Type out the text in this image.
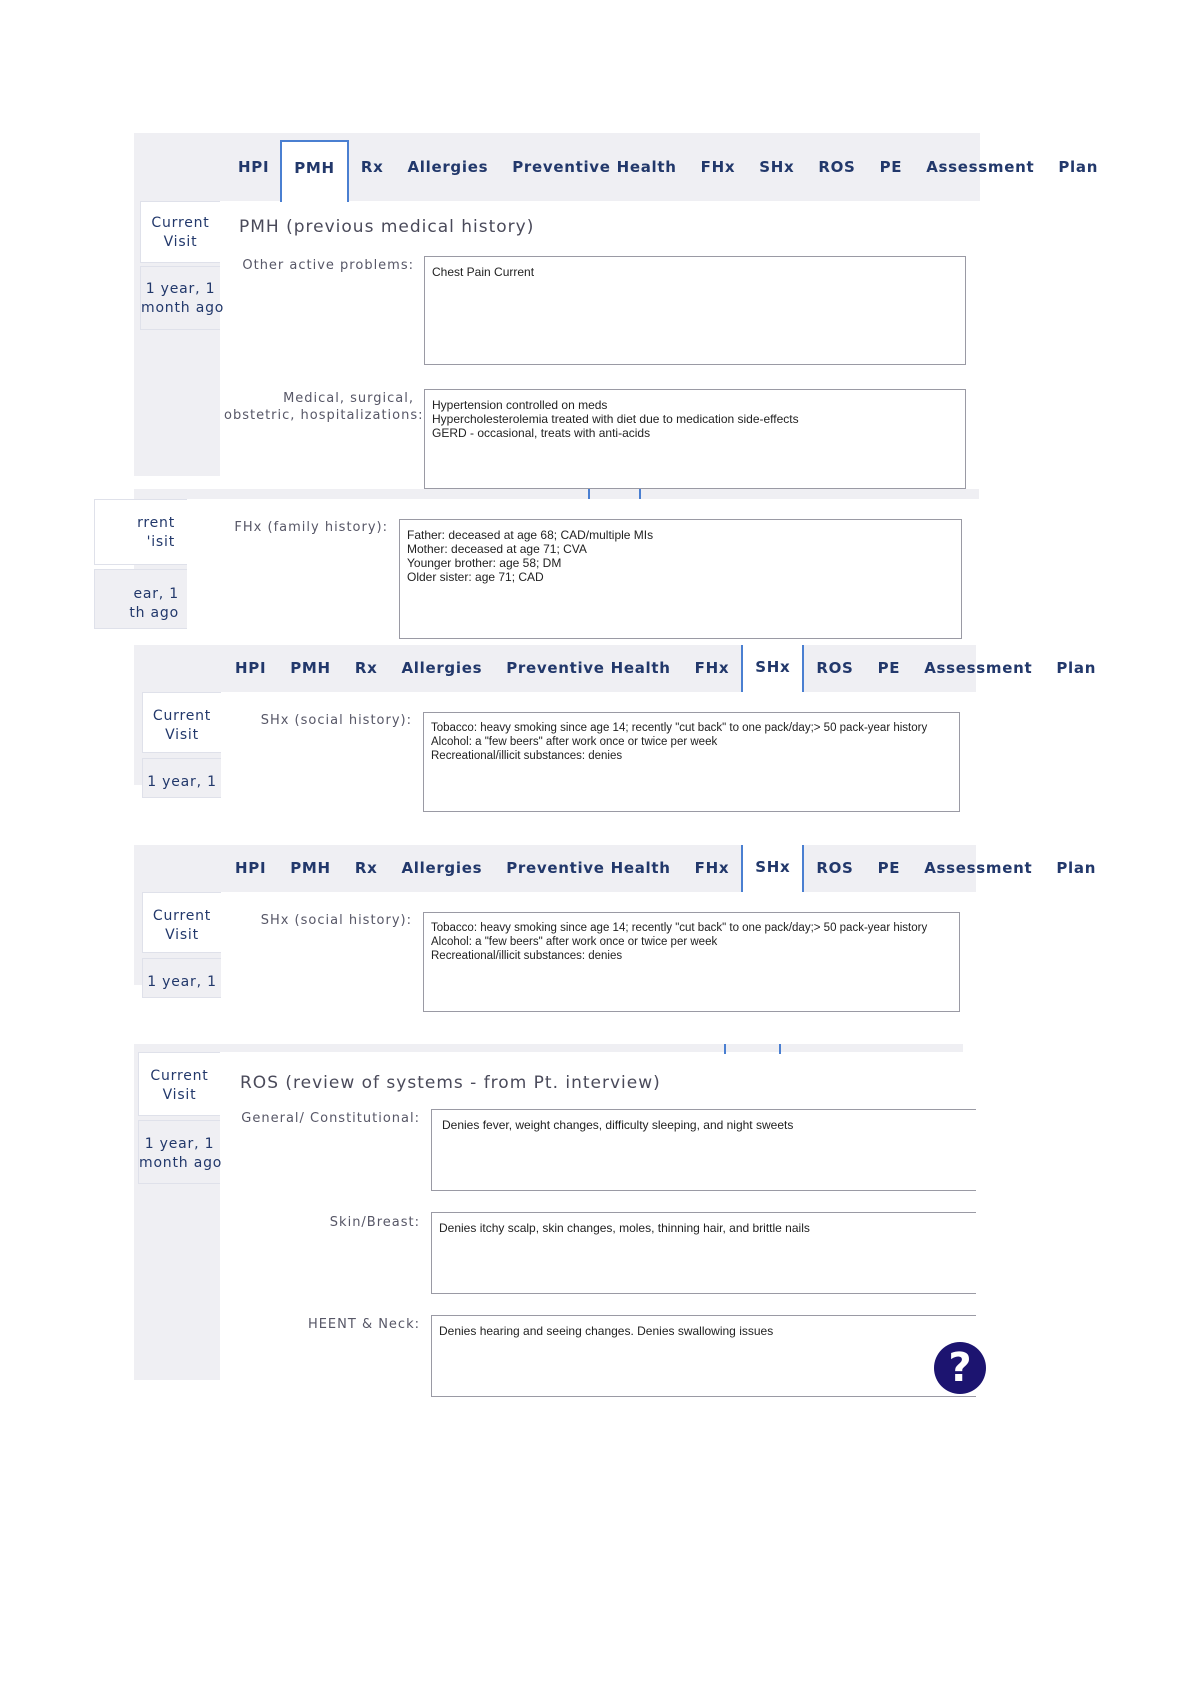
HPI	PMH	Rx	Allergies	Preventive Health	FHx	SHx	ROS	PE	Assessment	Plan
Current
Visit
1 year, 1
month ago
PMH (previous medical history)
Other active problems: Chest Pain Current
Medical, surgical,
obstetric, hospitalizations:
Hypertension controlled on meds
Hypercholesterolemia treated with diet due to medication side-effects
GERD - occasional, treats with anti-acids
rrent
'isit
ear, 1
th ago
FHx (family history): Father: deceased at age 68; CAD/multiple MIs
Mother: deceased at age 71; CVA
Younger brother: age 58; DM
Older sister: age 71; CAD
HPI	PMH	Rx	Allergies	Preventive Health	FHx	SHx	ROS	PE	Assessment	Plan
Current
Visit
1 year, 1
SHx (social history): Tobacco: heavy smoking since age 14; recently "cut back" to one pack/day;> 50 pack-year history
Alcohol: a "few beers" after work once or twice per week
Recreational/illicit substances: denies
HPI	PMH	Rx	Allergies	Preventive Health	FHx	SHx	ROS	PE	Assessment	Plan
Current
Visit
1 year, 1
SHx (social history): Tobacco: heavy smoking since age 14; recently "cut back" to one pack/day;> 50 pack-year history
Alcohol: a "few beers" after work once or twice per week
Recreational/illicit substances: denies
Current
Visit
1 year, 1
month ago
ROS (review of systems - from Pt. interview)
General/ Constitutional: Denies fever, weight changes, difficulty sleeping, and night sweets
Skin/Breast: Denies itchy scalp, skin changes, moles, thinning hair, and brittle nails
HEENT & Neck: Denies hearing and seeing changes. Denies swallowing issues
?
